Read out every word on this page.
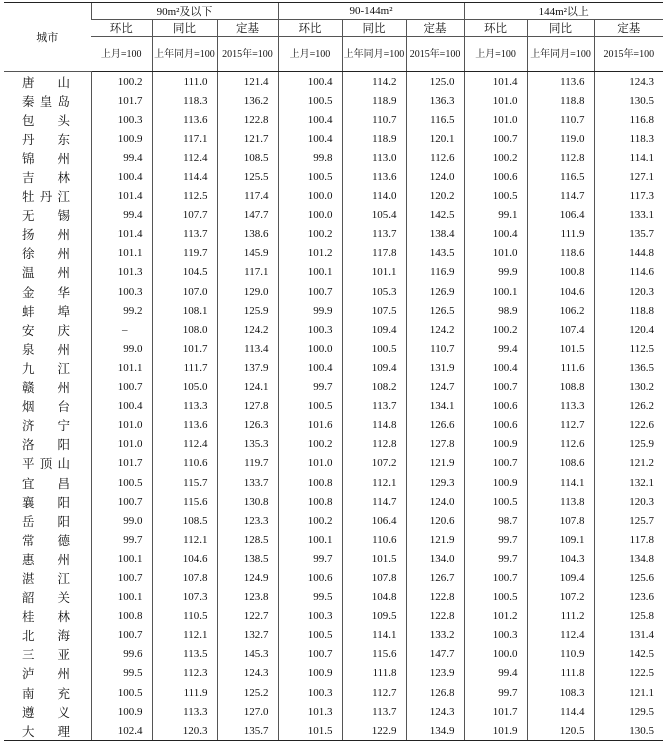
城市	90m²及以下			90-144m²			144m²以上		
	环比	同比	定基	环比	同比	定基	环比	同比	定基
	上月=100	上年同月=100	2015年=100	上月=100	上年同月=100	2015年=100	上月=100	上年同月=100	2015年=100

唐山	100.2	111.0	121.4	100.4	114.2	125.0	101.4	113.6	124.3

秦皇岛	101.7	118.3	136.2	100.5	118.9	136.3	101.0	118.8	130.5

包头	100.3	113.6	122.8	100.4	110.7	116.5	101.0	110.7	116.8

丹东	100.9	117.1	121.7	100.4	118.9	120.1	100.7	119.0	118.3

锦州	99.4	112.4	108.5	99.8	113.0	112.6	100.2	112.8	114.1

吉林	100.4	114.4	125.5	100.5	113.6	124.0	100.6	116.5	127.1

牡丹江	101.4	112.5	117.4	100.0	114.0	120.2	100.5	114.7	117.3

无锡	99.4	107.7	147.7	100.0	105.4	142.5	99.1	106.4	133.1

扬州	101.4	113.7	138.6	100.2	113.7	138.4	100.4	111.9	135.7

徐州	101.1	119.7	145.9	101.2	117.8	143.5	101.0	118.6	144.8

温州	101.3	104.5	117.1	100.1	101.1	116.9	99.9	100.8	114.6

金华	100.3	107.0	129.0	100.7	105.3	126.9	100.1	104.6	120.3

蚌埠	99.2	108.1	125.9	99.9	107.5	126.5	98.9	106.2	118.8

安庆	–	108.0	124.2	100.3	109.4	124.2	100.2	107.4	120.4

泉州	99.0	101.7	113.4	100.0	100.5	110.7	99.4	101.5	112.5

九江	101.1	111.7	137.9	100.4	109.4	131.9	100.4	111.6	136.5

赣州	100.7	105.0	124.1	99.7	108.2	124.7	100.7	108.8	130.2

烟台	100.4	113.3	127.8	100.5	113.7	134.1	100.6	113.3	126.2

济宁	101.0	113.6	126.3	101.6	114.8	126.6	100.6	112.7	122.6

洛阳	101.0	112.4	135.3	100.2	112.8	127.8	100.9	112.6	125.9

平顶山	101.7	110.6	119.7	101.0	107.2	121.9	100.7	108.6	121.2

宜昌	100.5	115.7	133.7	100.8	112.1	129.3	100.9	114.1	132.1

襄阳	100.7	115.6	130.8	100.8	114.7	124.0	100.5	113.8	120.3

岳阳	99.0	108.5	123.3	100.2	106.4	120.6	98.7	107.8	125.7

常德	99.7	112.1	128.5	100.1	110.6	121.9	99.7	109.1	117.8

惠州	100.1	104.6	138.5	99.7	101.5	134.0	99.7	104.3	134.8

湛江	100.7	107.8	124.9	100.6	107.8	126.7	100.7	109.4	125.6

韶关	100.1	107.3	123.8	99.5	104.8	122.8	100.5	107.2	123.6

桂林	100.8	110.5	122.7	100.3	109.5	122.8	101.2	111.2	125.8

北海	100.7	112.1	132.7	100.5	114.1	133.2	100.3	112.4	131.4

三亚	99.6	113.5	145.3	100.7	115.6	147.7	100.0	110.9	142.5

泸州	99.5	112.3	124.3	100.9	111.8	123.9	99.4	111.8	122.5

南充	100.5	111.9	125.2	100.3	112.7	126.8	99.7	108.3	121.1

遵义	100.9	113.3	127.0	101.3	113.7	124.3	101.7	114.4	129.5

大理	102.4	120.3	135.7	101.5	122.9	134.9	101.9	120.5	130.5
